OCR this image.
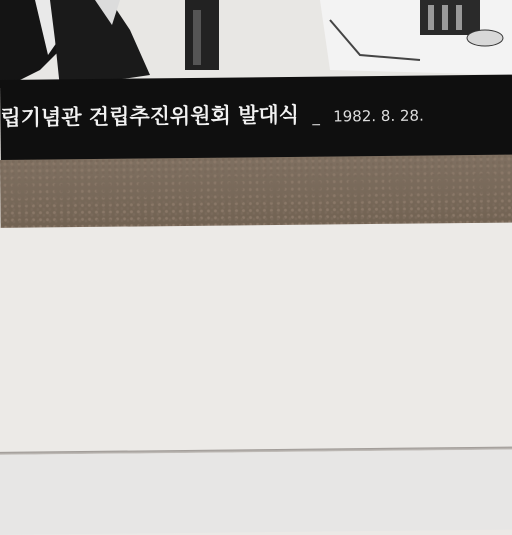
립기념관 건립추진위원회 발대식 _ 1982. 8. 28.
